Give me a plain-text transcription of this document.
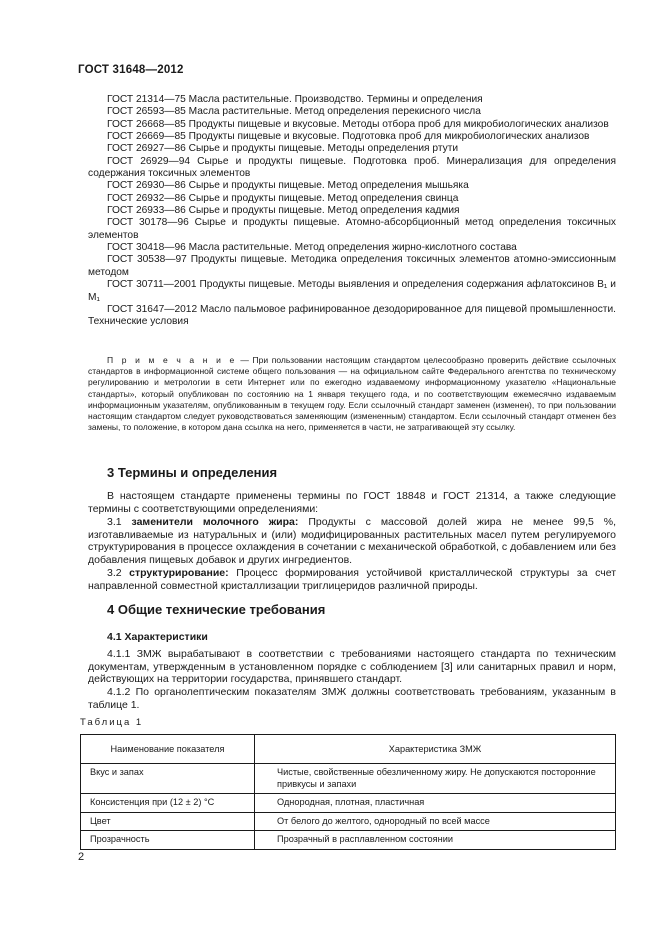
ГОСТ 31648—2012

ГОСТ 21314—75 Масла растительные. Производство. Термины и определения

ГОСТ 26593—85 Масла растительные. Метод определения перекисного числа

ГОСТ 26668—85 Продукты пищевые и вкусовые. Методы отбора проб для микробиологических анализов

ГОСТ 26669—85 Продукты пищевые и вкусовые. Подготовка проб для микробиологических анализов

ГОСТ 26927—86 Сырье и продукты пищевые. Методы определения ртути

ГОСТ 26929—94 Сырье и продукты пищевые. Подготовка проб. Минерализация для определения содержания токсичных элементов

ГОСТ 26930—86 Сырье и продукты пищевые. Метод определения мышьяка

ГОСТ 26932—86 Сырье и продукты пищевые. Метод определения свинца

ГОСТ 26933—86 Сырье и продукты пищевые. Метод определения кадмия

ГОСТ 30178—96 Сырье и продукты пищевые. Атомно-абсорбционный метод определения токсичных элементов

ГОСТ 30418—96 Масла растительные. Метод определения жирно-кислотного состава

ГОСТ 30538—97 Продукты пищевые. Методика определения токсичных элементов атомно-эмиссионным методом

ГОСТ 30711—2001 Продукты пищевые. Методы выявления и определения содержания афлатоксинов B₁ и M₁

ГОСТ 31647—2012 Масло пальмовое рафинированное дезодорированное для пищевой промышленности. Технические условия

П р и м е ч а н и е — При пользовании настоящим стандартом целесообразно проверить действие ссылочных стандартов в информационной системе общего пользования — на официальном сайте Федерального агентства по техническому регулированию и метрологии в сети Интернет или по ежегодно издаваемому информационному указателю «Национальные стандарты», который опубликован по состоянию на 1 января текущего года, и по соответствующим ежемесячно издаваемым информационным указателям, опубликованным в текущем году. Если ссылочный стандарт заменен (изменен), то при пользовании настоящим стандартом следует руководствоваться заменяющим (измененным) стандартом. Если ссылочный стандарт отменен без замены, то положение, в котором дана ссылка на него, применяется в части, не затрагивающей эту ссылку.

3 Термины и определения

В настоящем стандарте применены термины по ГОСТ 18848 и ГОСТ 21314, а также следующие термины с соответствующими определениями:

3.1 заменители молочного жира: Продукты с массовой долей жира не менее 99,5 %, изготавливаемые из натуральных и (или) модифицированных растительных масел путем регулируемого структурирования в процессе охлаждения в сочетании с механической обработкой, с добавлением или без добавления пищевых добавок и других ингредиентов.

3.2 структурирование: Процесс формирования устойчивой кристаллической структуры за счет направленной совместной кристаллизации триглицеридов различной природы.

4 Общие технические требования
4.1 Характеристики

4.1.1 ЗМЖ вырабатывают в соответствии с требованиями настоящего стандарта по техническим документам, утвержденным в установленном порядке с соблюдением [3] или санитарных правил и норм, действующих на территории государства, принявшего стандарт.

4.1.2 По органолептическим показателям ЗМЖ должны соответствовать требованиям, указанным в таблице 1.

Таблица 1
Наименование показателя	Характеристика ЗМЖ
Вкус и запах	Чистые, свойственные обезличенному жиру. Не допускаются посторонние привкусы и запахи
Консистенция при (12 ± 2) °С	Однородная, плотная, пластичная
Цвет	От белого до желтого, однородный по всей массе
Прозрачность	Прозрачный в расплавленном состоянии
2
